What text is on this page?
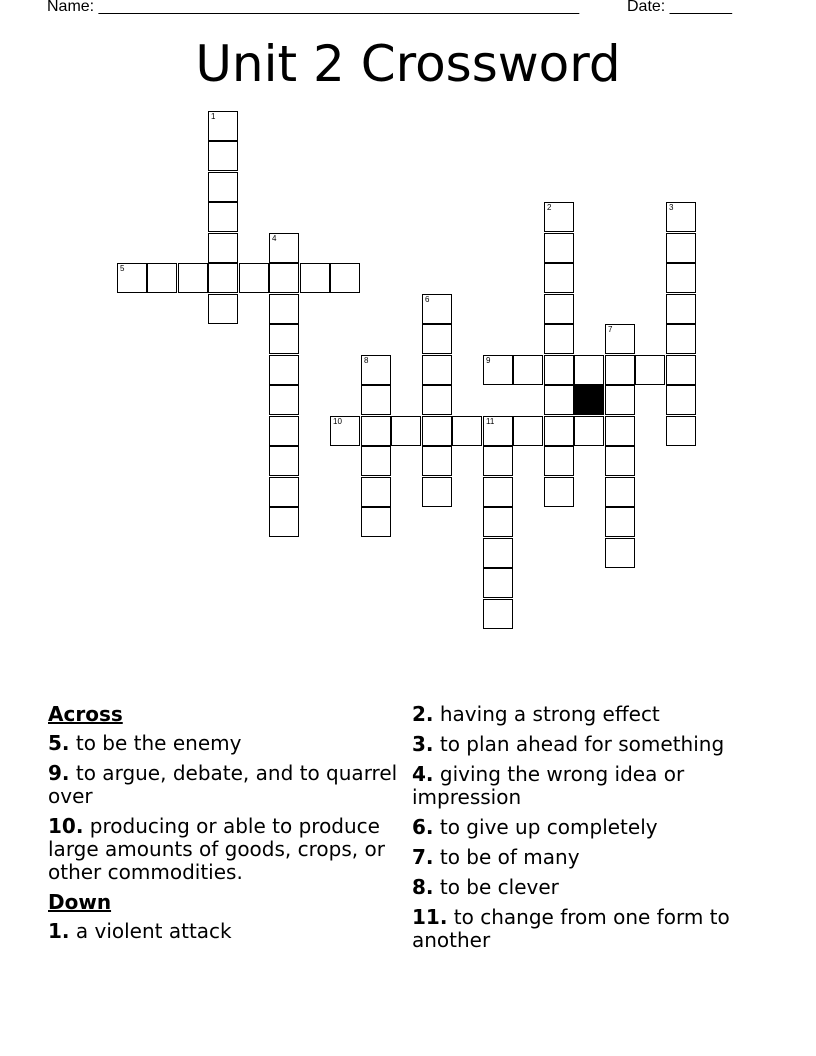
Name: ______________________________________________________	Date: _______
Unit 2 Crossword
1
5
4
2	3
6
7
8	9
10	11
Across
5. to be the enemy
9. to argue, debate, and to quarrel over
10. producing or able to produce large amounts of goods, crops, or other commodities.
Down
1. a violent attack
2. having a strong effect
3. to plan ahead for something
4. giving the wrong idea or impression
6. to give up completely
7. to be of many
8. to be clever
11. to change from one form to another
